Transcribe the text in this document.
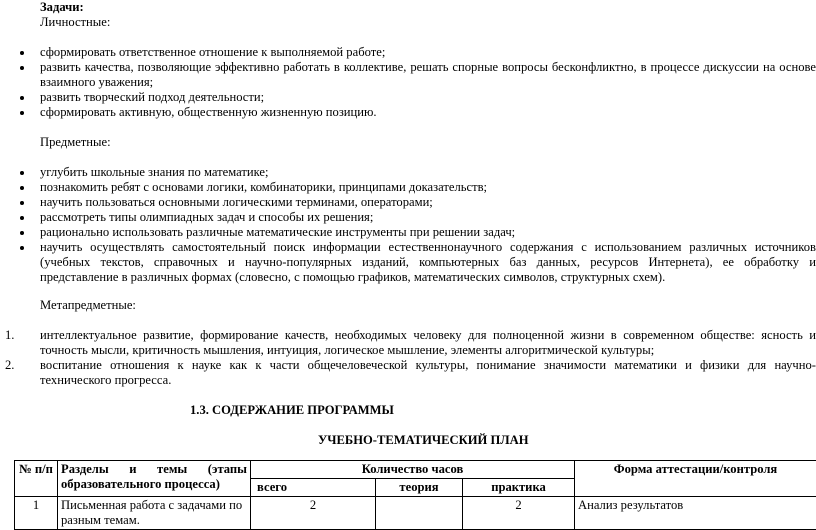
Задачи:
Личностные:
сформировать ответственное отношение к выполняемой работе;
развить качества, позволяющие эффективно работать в коллективе, решать спорные вопросы бесконфликтно, в процессе дискуссии на основе
взаимного уважения;
развить творческий подход деятельности;
сформировать активную, общественную жизненную позицию.
Предметные:
углубить школьные знания по математике;
познакомить ребят с основами логики, комбинаторики, принципами доказательств;
научить пользоваться основными логическими терминами, операторами;
рассмотреть типы олимпиадных задач и способы их решения;
рационально использовать различные математические инструменты при решении задач;
научить осуществлять самостоятельный поиск информации естественнонаучного содержания с использованием различных источников
(учебных текстов, справочных и научно-популярных изданий, компьютерных баз данных, ресурсов Интернета), ее обработку и
представление в различных формах (словесно, с помощью графиков, математических символов, структурных схем).
Метапредметные:
1. интеллектуальное развитие, формирование качеств, необходимых человеку для полноценной жизни в современном обществе: ясность и
точность мысли, критичность мышления, интуиция, логическое мышление, элементы алгоритмической культуры;
2. воспитание отношения к науке как к части общечеловеческой культуры, понимание значимости математики и физики для научно-
технического прогресса.
1.3. СОДЕРЖАНИЕ ПРОГРАММЫ
УЧЕБНО-ТЕМАТИЧЕСКИЙ ПЛАН
№ п/п	Разделы и темы (этапы образовательного процесса)	Количество часов			Форма аттестации/контроля
		всего	теория	практика	
1	Письменная работа с задачами по разным темам.	2		2	Анализ результатов
